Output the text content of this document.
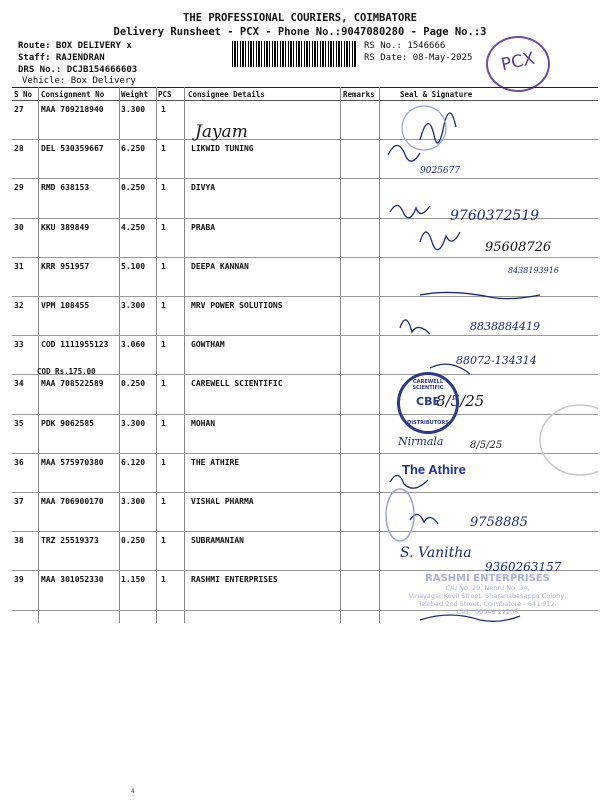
THE PROFESSIONAL COURIERS, COIMBATORE
Delivery Runsheet - PCX - Phone No.:9047080280 - Page No.:3
Route: BOX DELIVERY x
Staff: RAJENDRAN
DRS No.: DCJB154666603
Vehicle: Box Delivery
RS No.: 1546666
RS Date: 08-May-2025	PCX
S No Consignment No Weight PCS Consignee Details	Remarks	Seal & Signature
27 MAA 709218940 3.300 1
28 DEL 530359667 6.250 1	LIKWID TUNING
29 RMD 638153	0.250 1	DIVYA
30 KKU 389849	4.250 1	PRABA
31 KRR 951957	5.100 1	DEEPA KANNAN
32 VPM 108455	3.300 1	MRV POWER SOLUTIONS
33 COD 1111955123 3.060 1	GOWTHAM
34 MAA 708522589 0.250 1	CAREWELL SCIENTIFIC
35 PDK 9062585	3.300 1	MOHAN
36 MAA 575970380 6.120 1	THE ATHIRE
37 MAA 706900170 3.300 1	VISHAL PHARMA
38 TRZ 25519373	0.250 1	SUBRAMANIAN
39 MAA 301052330 1.150 1	RASHMI ENTERPRISES
COD Rs.175.00
Jayam
9025677
9760372519
95608726
8438193916
8838884419
88072-134314
8/5/25
Nirmala	8/5/25
The Athire
9758885
S. Vanitha
9360263157
CAREWELL SCIENTIFIC
CBE
DISTRIBUTORS
RASHMI ENTERPRISES
C/U No. 29, Nehru No. 34,
Vinayagar Kovil Street, Sharanabasappa Colony,
Telebad 2nd Street, Coimbatore - 641 012.
Cell : 99946 22205
4
